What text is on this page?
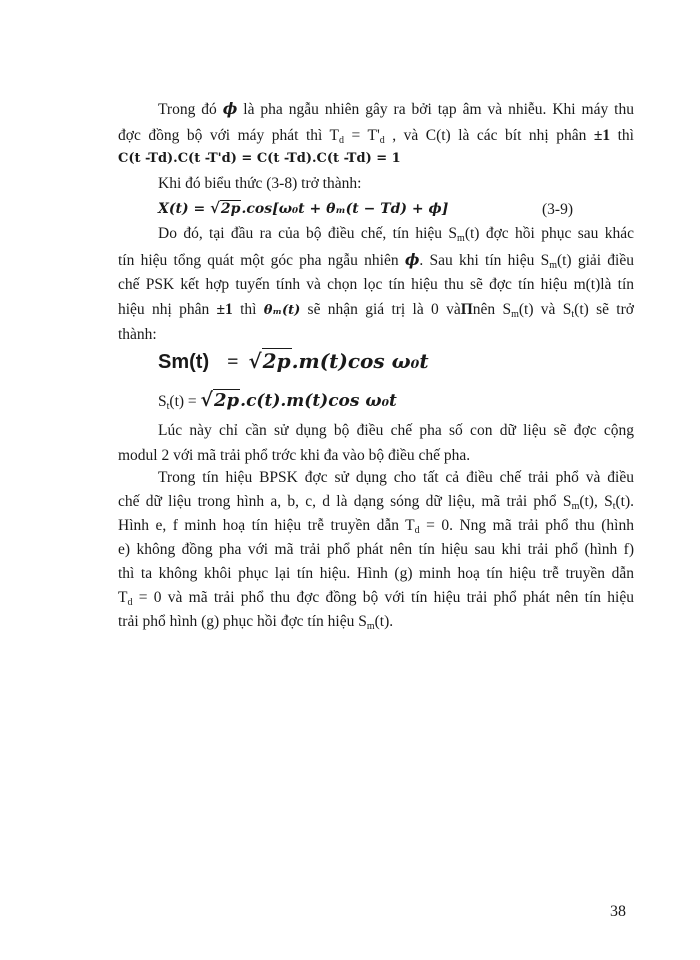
Trong đó ϕ là pha ngẫu nhiên gây ra bởi tạp âm và nhiễu. Khi máy thu
đợc đồng bộ với máy phát thì $T_d = T'_d$ , và C(t) là các bít nhị phân ±1 thì
C(t -Td).C(t -T'd) = C(t -Td).C(t -Td) = 1
Khi đó biểu thức (3-8) trở thành:
X(t) = √2p.cos[ω₀t + θₘ(t − Td) + ϕ]	(3-9)
Do đó, tại đầu ra của bộ điều chế, tín hiệu $S_m(t)$ đợc hồi phục sau khác
tín hiệu tổng quát một góc pha ngẫu nhiên ϕ. Sau khi tín hiệu $S_m(t)$ giải điều
chế PSK kết hợp tuyến tính và chọn lọc tín hiệu thu sẽ đợc tín hiệu m(t)là tín
hiệu nhị phân ±1 thì θₘ(t) sẽ nhận giá trị là 0 vàΠnên $S_m(t)$ và $S_t(t)$ sẽ trở
thành:
Sm(t) = √2p.m(t)cos ω₀t
$S_t(t) = √2p.c(t).m(t)\cos$ ω₀t
Lúc này chỉ cần sử dụng bộ điều chế pha số con dữ liệu sẽ đợc cộng
modul 2 với mã trải phổ trớc khi đa vào bộ điều chế pha.
Trong tín hiệu BPSK đợc sử dụng cho tất cả điều chế trải phổ và điều
chế dữ liệu trong hình a, b, c, d là dạng sóng dữ liệu, mã trải phổ $S_m(t)$, $S_t(t)$.
Hình e, f minh hoạ tín hiệu trễ truyền dẫn $T_d = 0$. Nng mã trải phổ thu (hình
e) không đồng pha với mã trải phổ phát nên tín hiệu sau khi trải phổ (hình f)
thì ta không khôi phục lại tín hiệu. Hình (g) minh hoạ tín hiệu trễ truyền dẫn
$T_d = 0$ và mã trải phổ thu đợc đồng bộ với tín hiệu trải phổ phát nên tín hiệu
trải phổ hình (g) phục hồi đợc tín hiệu $S_m(t)$.
38
